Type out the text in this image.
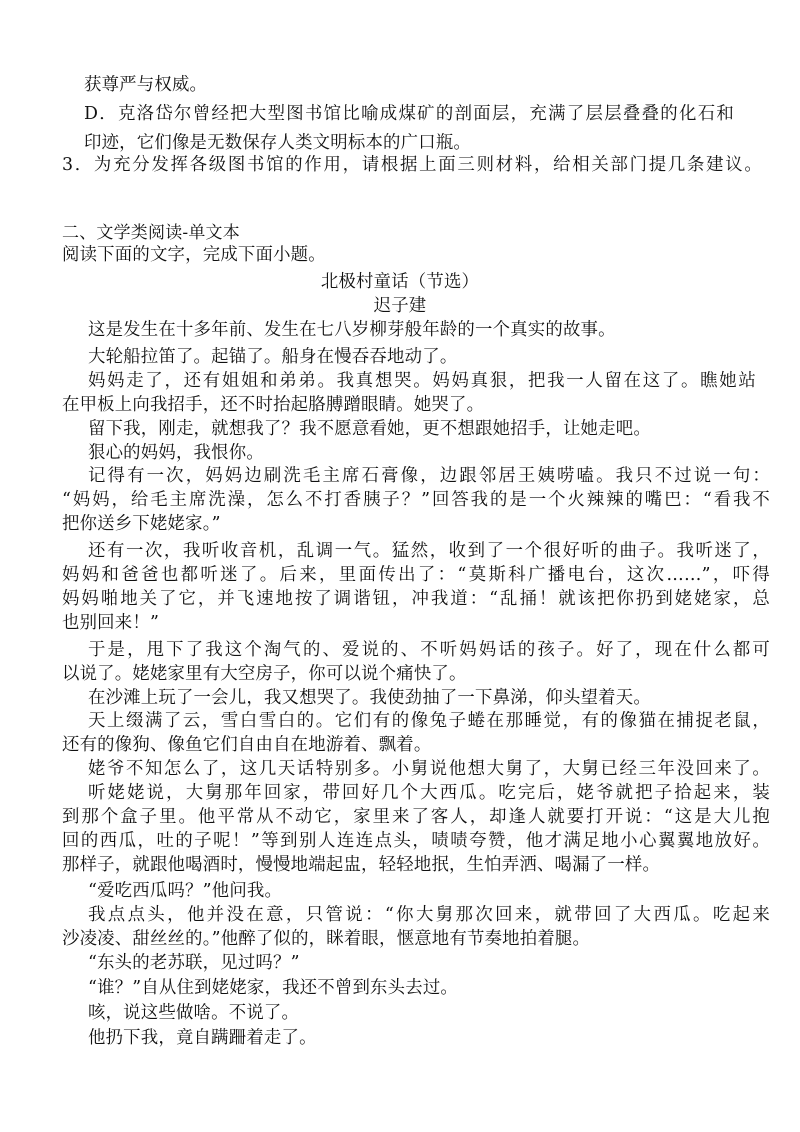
获尊严与权威。
D．克洛岱尔曾经把大型图书馆比喻成煤矿的剖面层，充满了层层叠叠的化石和
印迹，它们像是无数保存人类文明标本的广口瓶。
3．为充分发挥各级图书馆的作用，请根据上面三则材料，给相关部门提几条建议。
二、文学类阅读-单文本
阅读下面的文字，完成下面小题。
北极村童话（节选）
迟子建
这是发生在十多年前、发生在七八岁柳芽般年龄的一个真实的故事。
大轮船拉笛了。起锚了。船身在慢吞吞地动了。
妈妈走了，还有姐姐和弟弟。我真想哭。妈妈真狠，把我一人留在这了。瞧她站
在甲板上向我招手，还不时抬起胳膊蹭眼睛。她哭了。
留下我，刚走，就想我了？我不愿意看她，更不想跟她招手，让她走吧。
狠心的妈妈，我恨你。
记得有一次，妈妈边刷洗毛主席石膏像，边跟邻居王姨唠嗑。我只不过说一句：
“妈妈，给毛主席洗澡，怎么不打香胰子？”回答我的是一个火辣辣的嘴巴：“看我不
把你送乡下姥姥家。”
还有一次，我听收音机，乱调一气。猛然，收到了一个很好听的曲子。我听迷了，
妈妈和爸爸也都听迷了。后来，里面传出了：“莫斯科广播电台，这次……”，吓得
妈妈啪地关了它，并飞速地按了调谐钮，冲我道：“乱捅！就该把你扔到姥姥家，总
也别回来！”
于是，甩下了我这个淘气的、爱说的、不听妈妈话的孩子。好了，现在什么都可
以说了。姥姥家里有大空房子，你可以说个痛快了。
在沙滩上玩了一会儿，我又想哭了。我使劲抽了一下鼻涕，仰头望着天。
天上缀满了云，雪白雪白的。它们有的像兔子蜷在那睡觉，有的像猫在捕捉老鼠，
还有的像狗、像鱼它们自由自在地游着、飘着。
姥爷不知怎么了，这几天话特别多。小舅说他想大舅了，大舅已经三年没回来了。
听姥姥说，大舅那年回家，带回好几个大西瓜。吃完后，姥爷就把子拾起来，装
到那个盒子里。他平常从不动它，家里来了客人，却逢人就要打开说：“这是大儿抱
回的西瓜，吐的子呢！”等到别人连连点头，啧啧夸赞，他才满足地小心翼翼地放好。
那样子，就跟他喝酒时，慢慢地端起盅，轻轻地抿，生怕弄洒、喝漏了一样。
“爱吃西瓜吗？”他问我。
我点点头，他并没在意，只管说：“你大舅那次回来，就带回了大西瓜。吃起来
沙凌凌、甜丝丝的。”他醉了似的，眯着眼，惬意地有节奏地拍着腿。
“东头的老苏联，见过吗？”
“谁？”自从住到姥姥家，我还不曾到东头去过。
咳，说这些做啥。不说了。
他扔下我，竟自蹒跚着走了。
